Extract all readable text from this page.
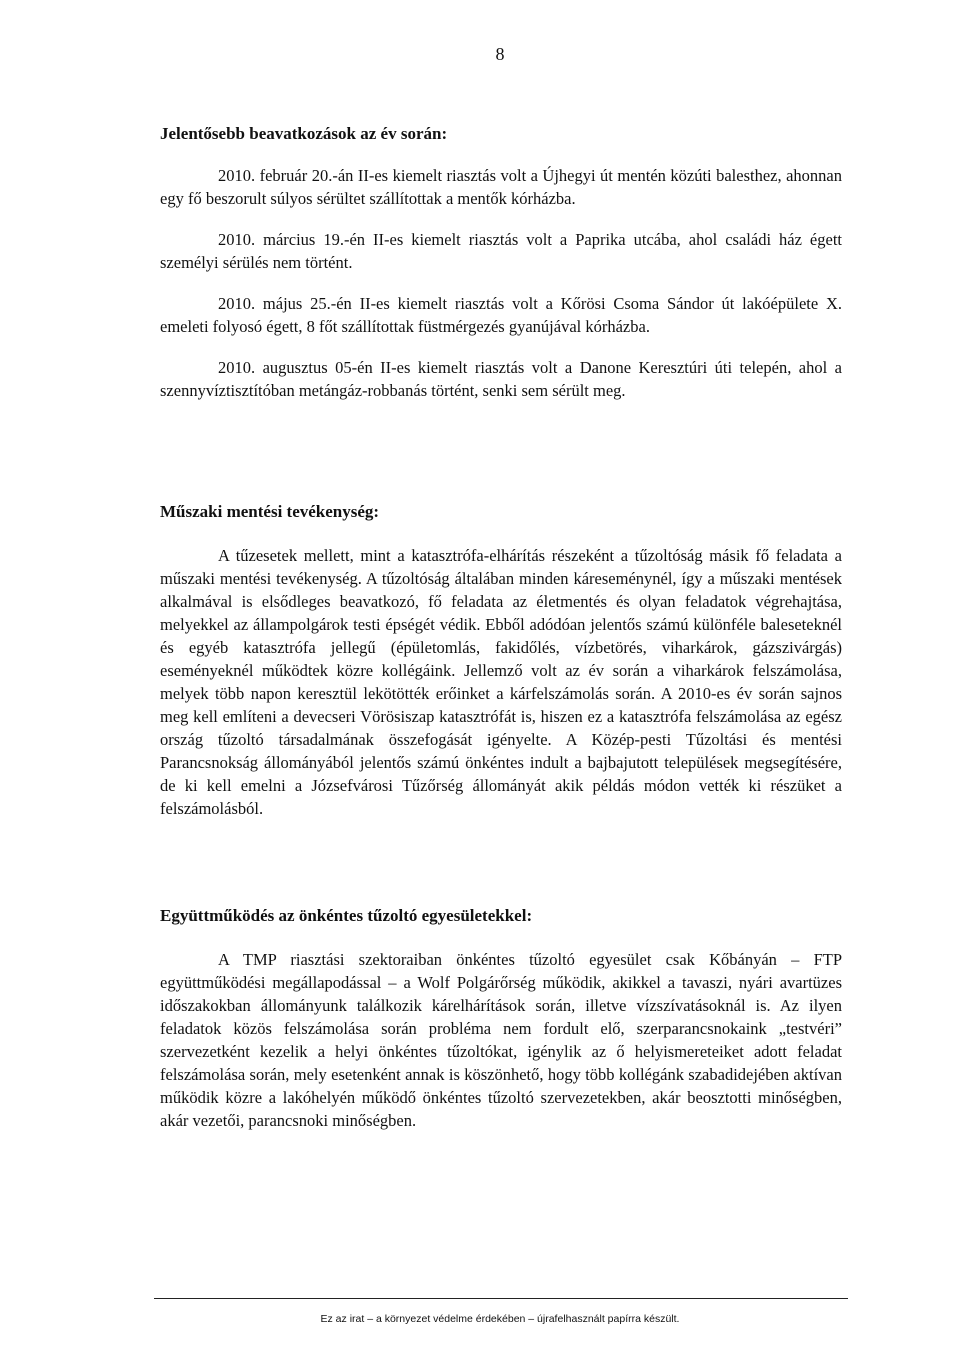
8

Jelentősebb beavatkozások az év során:

2010. február 20.-án II-es kiemelt riasztás volt a Újhegyi út mentén közúti balesthez, ahonnan egy fő beszorult súlyos sérültet szállítottak a mentők kórházba.

2010. március 19.-én II-es kiemelt riasztás volt a Paprika utcába, ahol családi ház égett személyi sérülés nem történt.

2010. május 25.-én II-es kiemelt riasztás volt a Kőrösi Csoma Sándor út lakóépülete X. emeleti folyosó égett, 8 főt szállítottak füstmérgezés gyanújával kórházba.

2010. augusztus 05-én II-es kiemelt riasztás volt a Danone Keresztúri úti telepén, ahol a szennyvíztisztítóban metángáz-robbanás történt, senki sem sérült meg.

Műszaki mentési tevékenység:

A tűzesetek mellett, mint a katasztrófa-elhárítás részeként a tűzoltóság másik fő feladata a műszaki mentési tevékenység. A tűzoltóság általában minden káreseménynél, így a műszaki mentések alkalmával is elsődleges beavatkozó, fő feladata az életmentés és olyan feladatok végrehajtása, melyekkel az állampolgárok testi épségét védik. Ebből adódóan jelentős számú különféle baleseteknél és egyéb katasztrófa jellegű (épületomlás, fakidőlés, vízbetörés, viharkárok, gázszivárgás) eseményeknél működtek közre kollégáink. Jellemző volt az év során a viharkárok felszámolása, melyek több napon keresztül lekötötték erőinket a kárfelszámolás során. A 2010-es év során sajnos meg kell említeni a devecseri Vörösiszap katasztrófát is, hiszen ez a katasztrófa felszámolása az egész ország tűzoltó társadalmának összefogását igényelte. A Közép-pesti Tűzoltási és mentési Parancsnokság állományából jelentős számú önkéntes indult a bajbajutott települések megsegítésére, de ki kell emelni a Józsefvárosi Tűzőrség állományát akik példás módon vették ki részüket a felszámolásból.

Együttműködés az önkéntes tűzoltó egyesületekkel:

A TMP riasztási szektoraiban önkéntes tűzoltó egyesület csak Kőbányán – FTP együttműködési megállapodással – a Wolf Polgárőrség működik, akikkel a tavaszi, nyári avartüzes időszakokban állományunk találkozik kárelhárítások során, illetve vízszívatásoknál is. Az ilyen feladatok közös felszámolása során probléma nem fordult elő, szerparancsnokaink „testvéri” szervezetként kezelik a helyi önkéntes tűzoltókat, igénylik az ő helyismereteiket adott feladat felszámolása során, mely esetenként annak is köszönhető, hogy több kollégánk szabadidejében aktívan működik közre a lakóhelyén működő önkéntes tűzoltó szervezetekben, akár beosztotti minőségben, akár vezetői, parancsnoki minőségben.

Ez az irat – a környezet védelme érdekében – újrafelhasznált papírra készült.
